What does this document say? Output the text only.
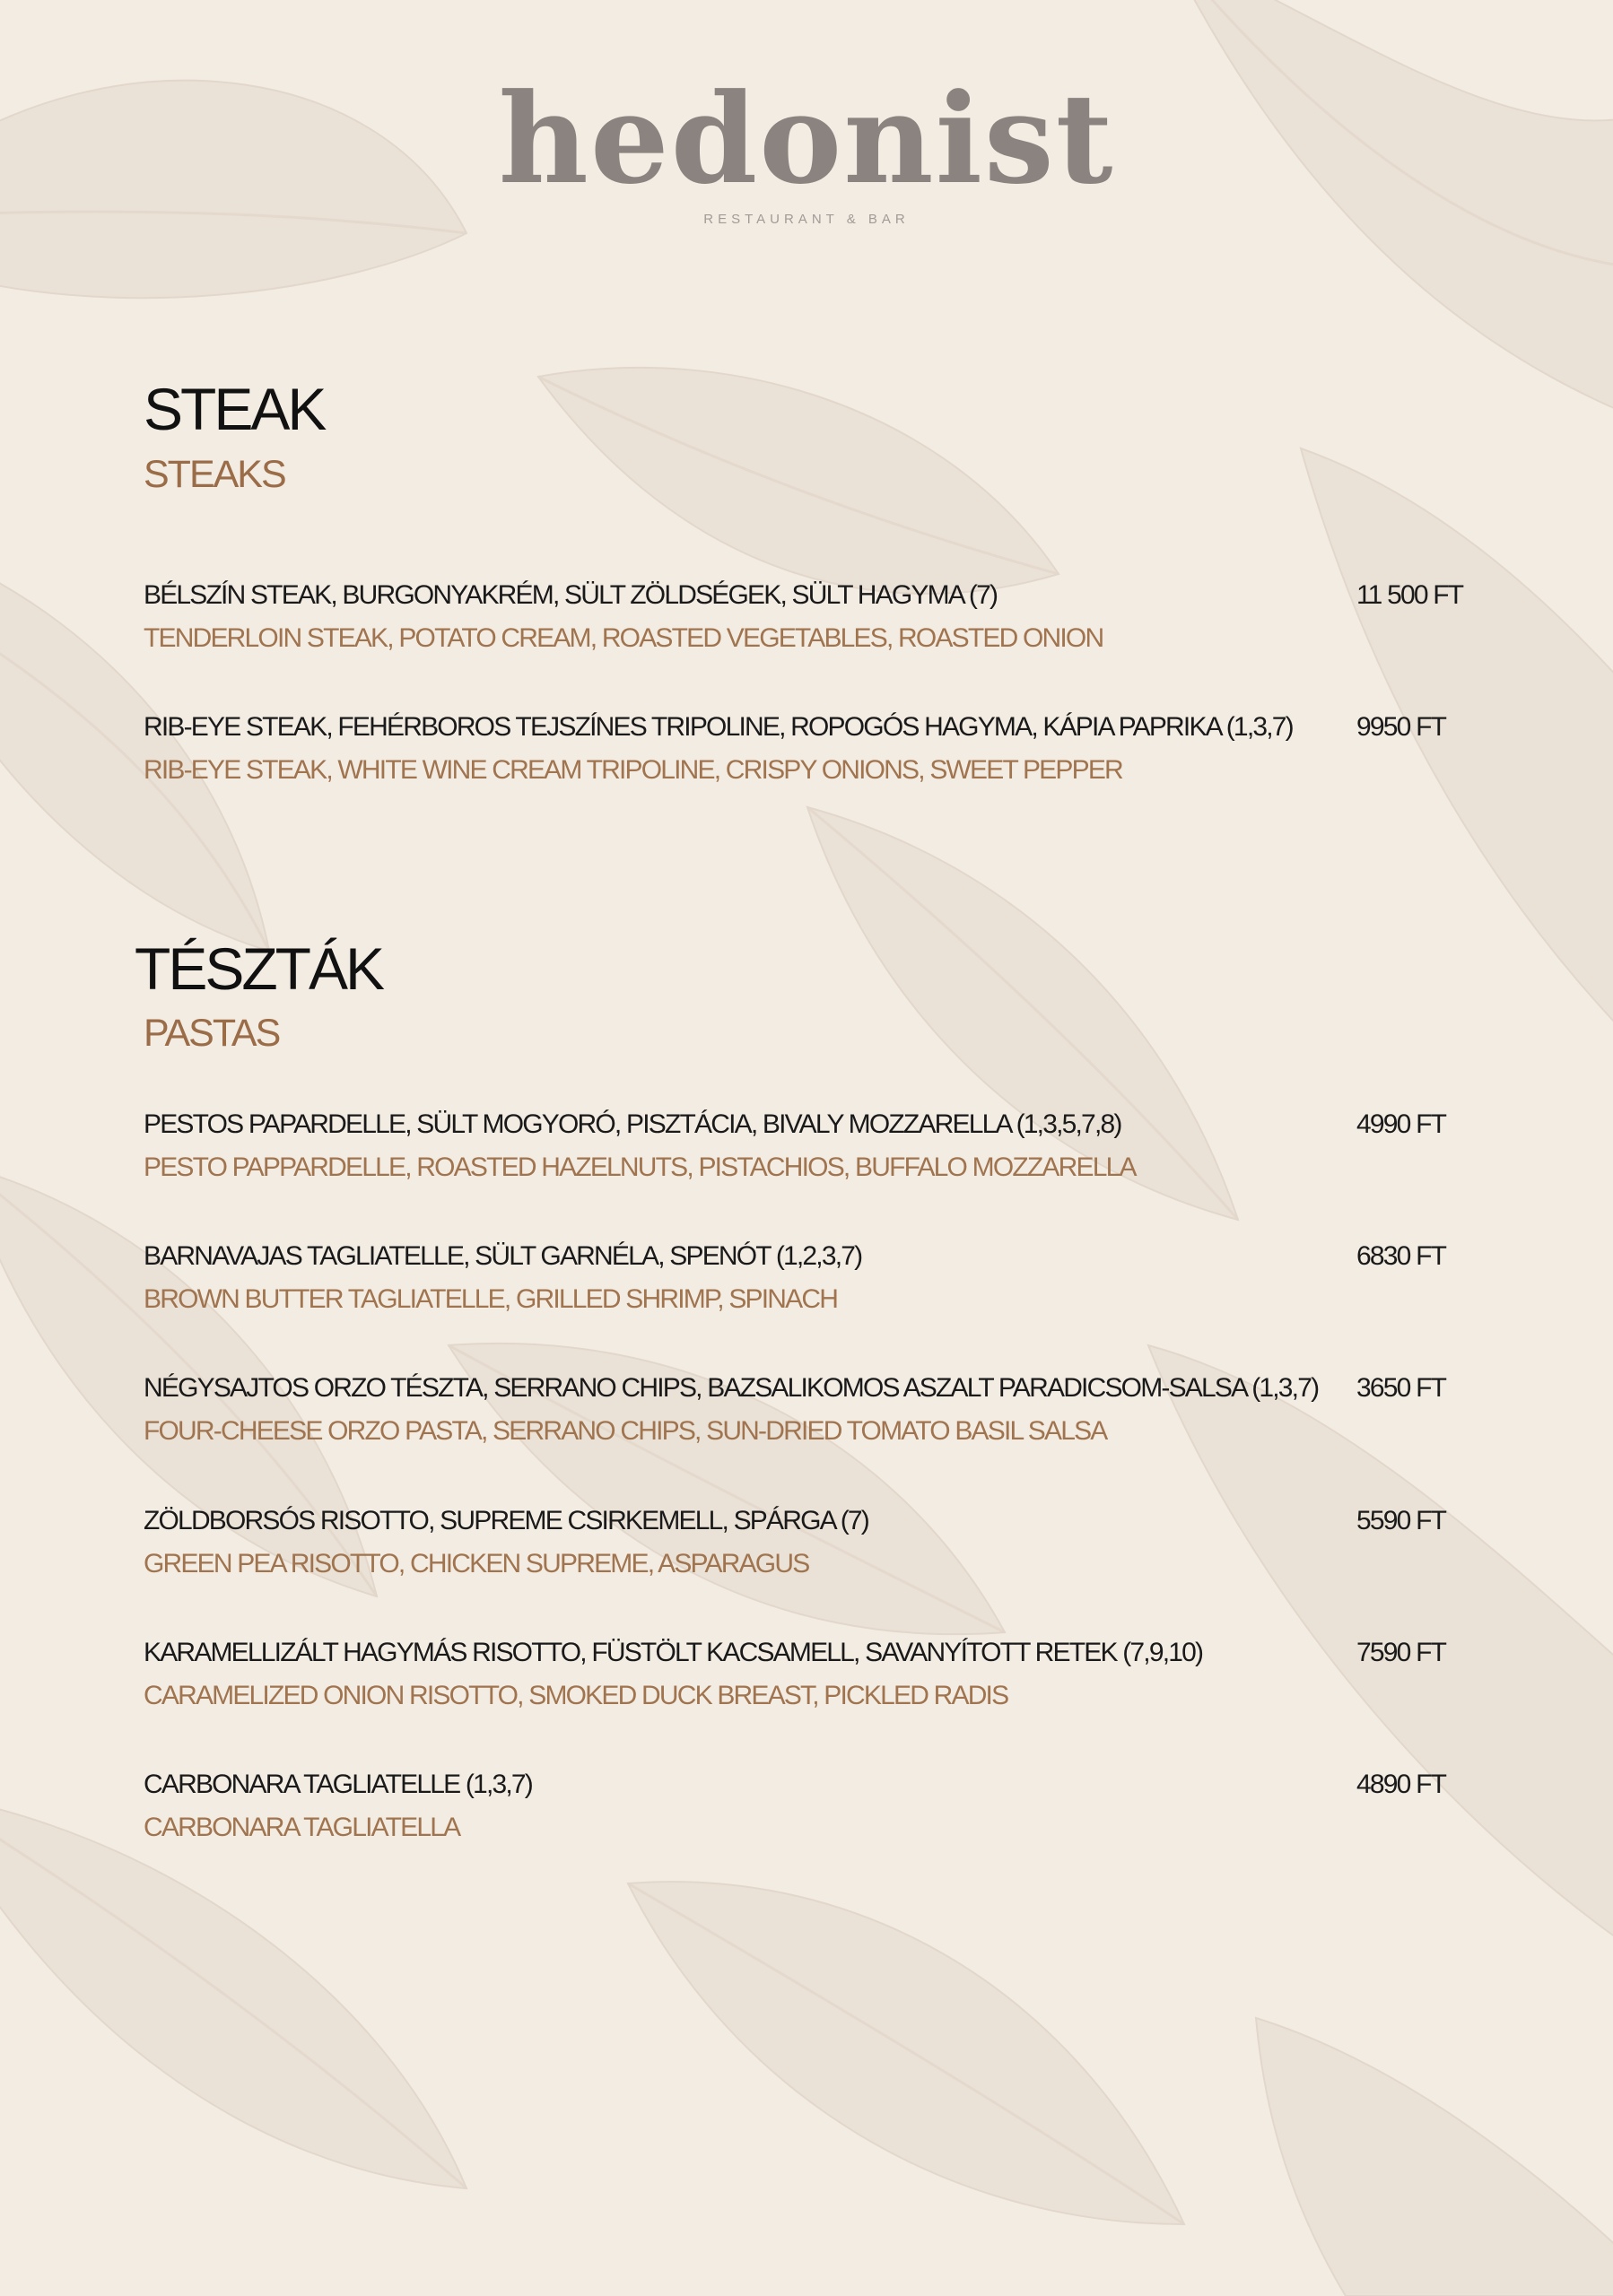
hedonist
RESTAURANT & BAR
STEAK
STEAKS
BÉLSZÍN STEAK, BURGONYAKRÉM, SÜLT ZÖLDSÉGEK, SÜLT HAGYMA (7)
TENDERLOIN STEAK, POTATO CREAM, ROASTED VEGETABLES, ROASTED ONION
11 500 FT
RIB-EYE STEAK, FEHÉRBOROS TEJSZÍNES TRIPOLINE, ROPOGÓS HAGYMA, KÁPIA PAPRIKA (1,3,7)
RIB-EYE STEAK, WHITE WINE CREAM TRIPOLINE, CRISPY ONIONS, SWEET PEPPER
9950 FT
TÉSZTÁK
PASTAS
PESTOS PAPARDELLE, SÜLT MOGYORÓ, PISZTÁCIA, BIVALY MOZZARELLA (1,3,5,7,8)
PESTO PAPPARDELLE, ROASTED HAZELNUTS, PISTACHIOS, BUFFALO MOZZARELLA
4990 FT
BARNAVAJAS TAGLIATELLE, SÜLT GARNÉLA, SPENÓT (1,2,3,7)
BROWN BUTTER TAGLIATELLE, GRILLED SHRIMP, SPINACH
6830 FT
NÉGYSAJTOS ORZO TÉSZTA, SERRANO CHIPS, BAZSALIKOMOS ASZALT PARADICSOM-SALSA (1,3,7)
FOUR-CHEESE ORZO PASTA, SERRANO CHIPS, SUN-DRIED TOMATO BASIL SALSA
3650 FT
ZÖLDBORSÓS RISOTTO, SUPREME CSIRKEMELL, SPÁRGA (7)
GREEN PEA RISOTTO, CHICKEN SUPREME, ASPARAGUS
5590 FT
KARAMELLIZÁLT HAGYMÁS RISOTTO, FÜSTÖLT KACSAMELL, SAVANYÍTOTT RETEK (7,9,10)
CARAMELIZED ONION RISOTTO, SMOKED DUCK BREAST, PICKLED RADIS
7590 FT
CARBONARA TAGLIATELLE (1,3,7)
CARBONARA TAGLIATELLA
4890 FT
